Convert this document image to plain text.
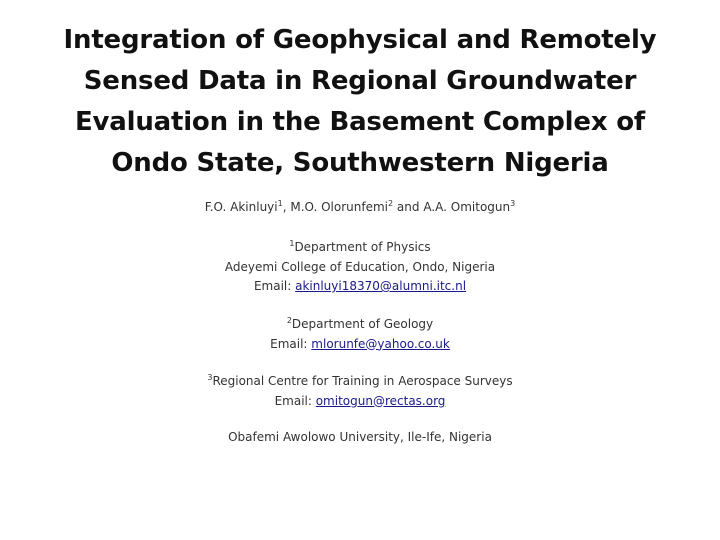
Integration of Geophysical and Remotely
Sensed Data in Regional Groundwater
Evaluation in the Basement Complex of
Ondo State, Southwestern Nigeria
F.O. Akinluyi$^1$, M.O. Olorunfemi$^2$ and A.A. Omitogun$^3$
$^1$Department of Physics
Adeyemi College of Education, Ondo, Nigeria
Email: akinluyi18370@alumni.itc.nl
$^2$Department of Geology
Email: mlorunfe@yahoo.co.uk
$^3$Regional Centre for Training in Aerospace Surveys
Email: omitogun@rectas.org
Obafemi Awolowo University, Ile-Ife, Nigeria
